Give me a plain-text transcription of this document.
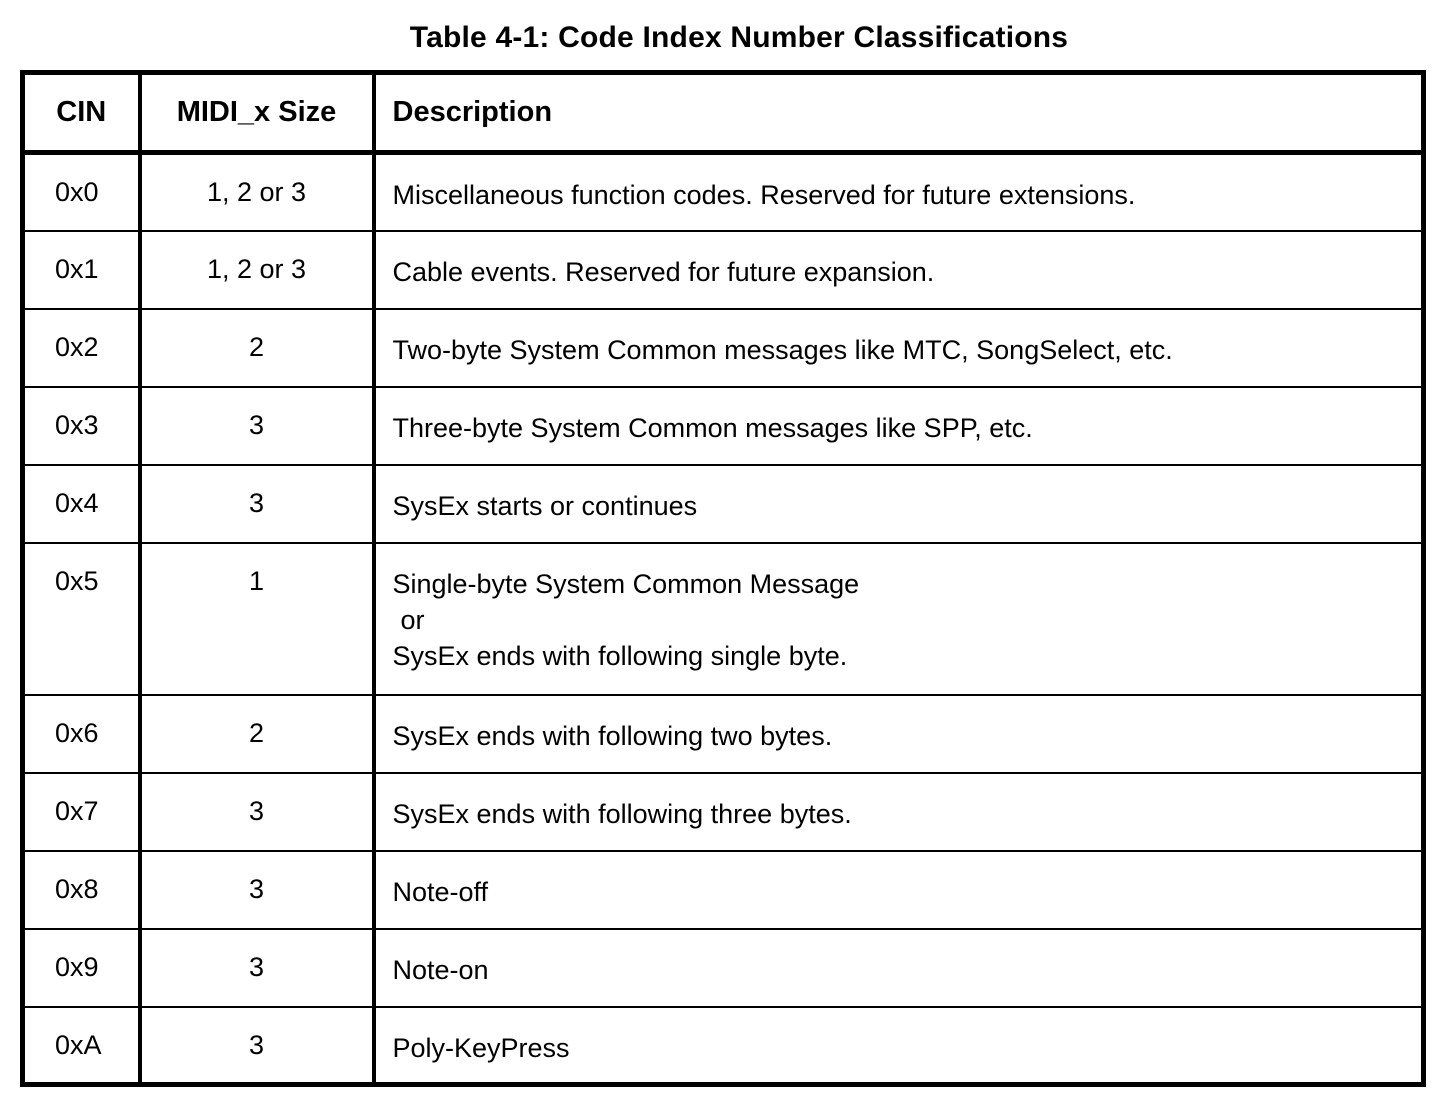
Table 4-1: Code Index Number Classifications
CIN	MIDI_x Size	Description
0x0	1, 2 or 3	Miscellaneous function codes. Reserved for future extensions.

0x1	1, 2 or 3	Cable events. Reserved for future expansion.

0x2	2	Two-byte System Common messages like MTC, SongSelect, etc.

0x3	3	Three-byte System Common messages like SPP, etc.

0x4	3	SysEx starts or continues

0x5	1	Single-byte System Common Message
or
SysEx ends with following single byte.

0x6	2	SysEx ends with following two bytes.

0x7	3	SysEx ends with following three bytes.

0x8	3	Note-off

0x9	3	Note-on

0xA	3	Poly-KeyPress
